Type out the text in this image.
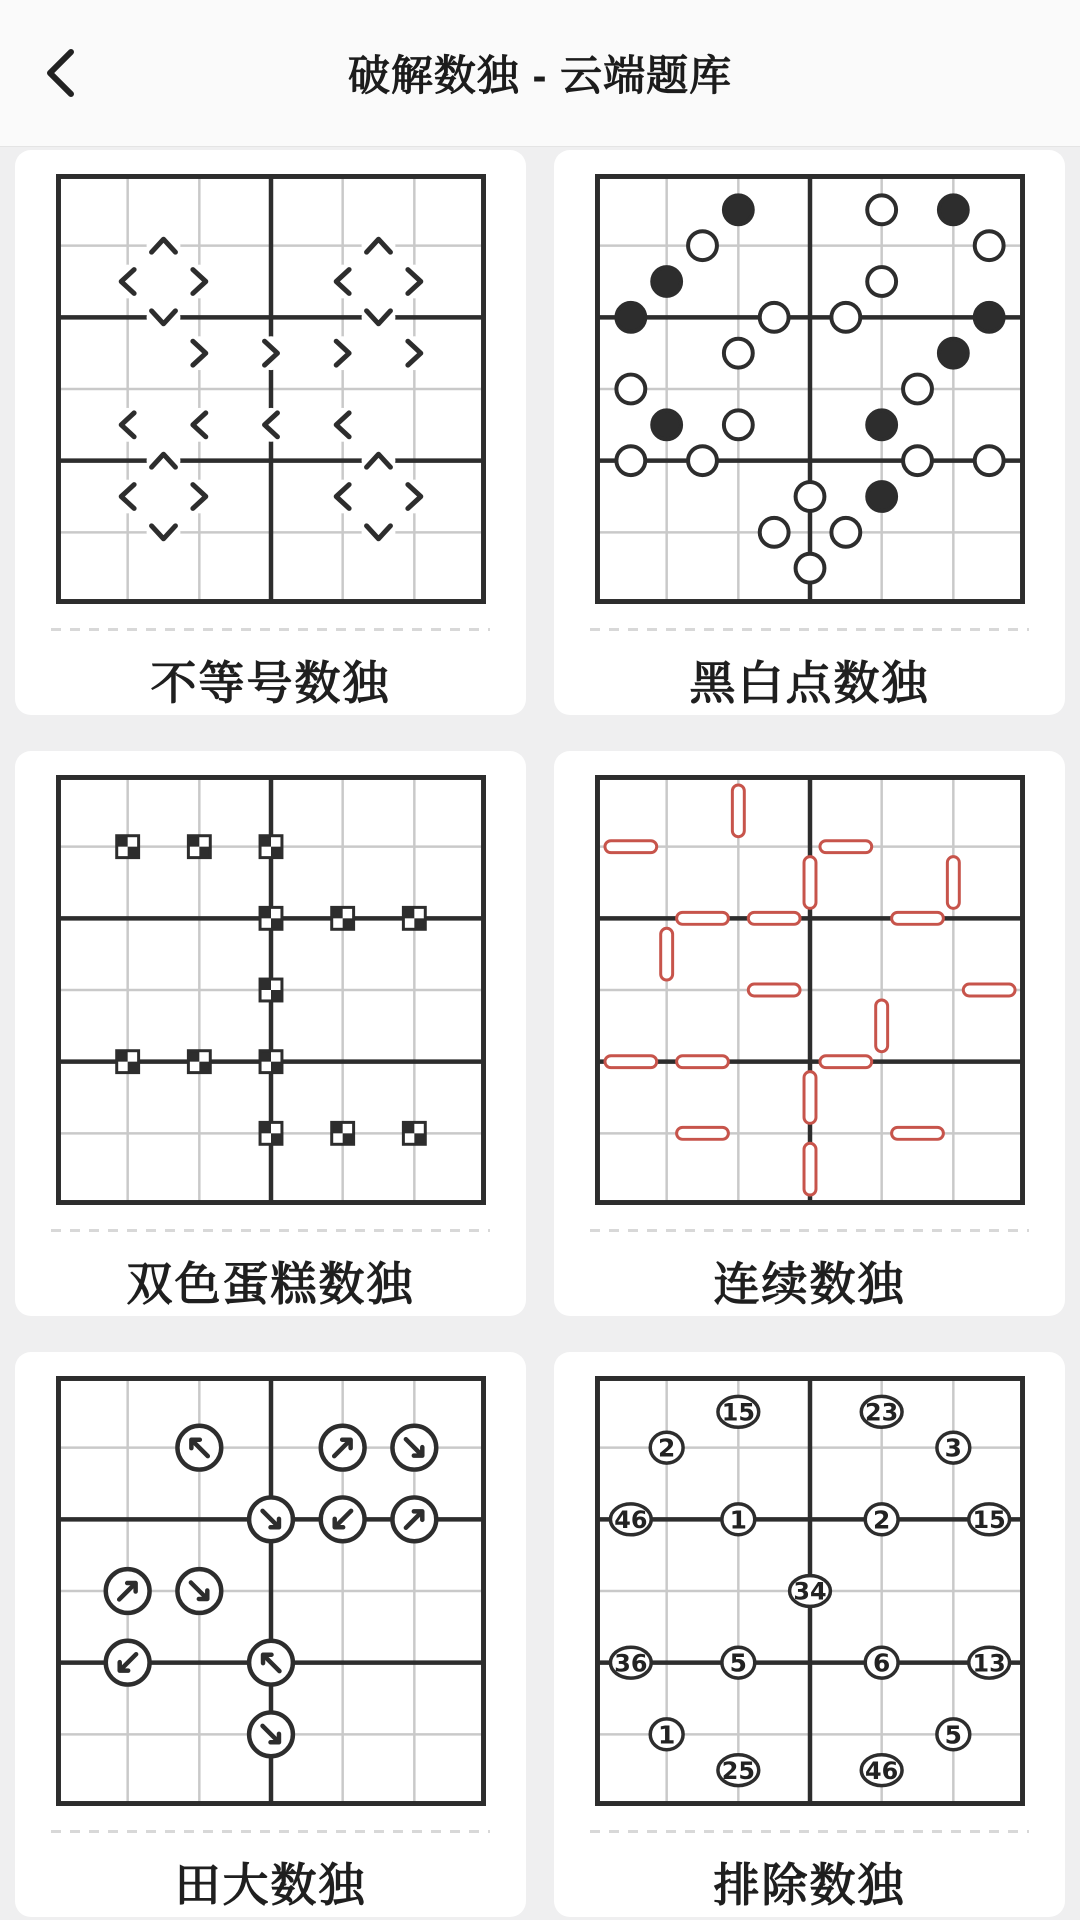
破解数独 - 云端题库
不等号数独	黑白点数独
双色蛋糕数独	连续数独
田大数独
15	23
2	3
46	1	2	15
34
36	5	6	13
1	5
25	46
排除数独
